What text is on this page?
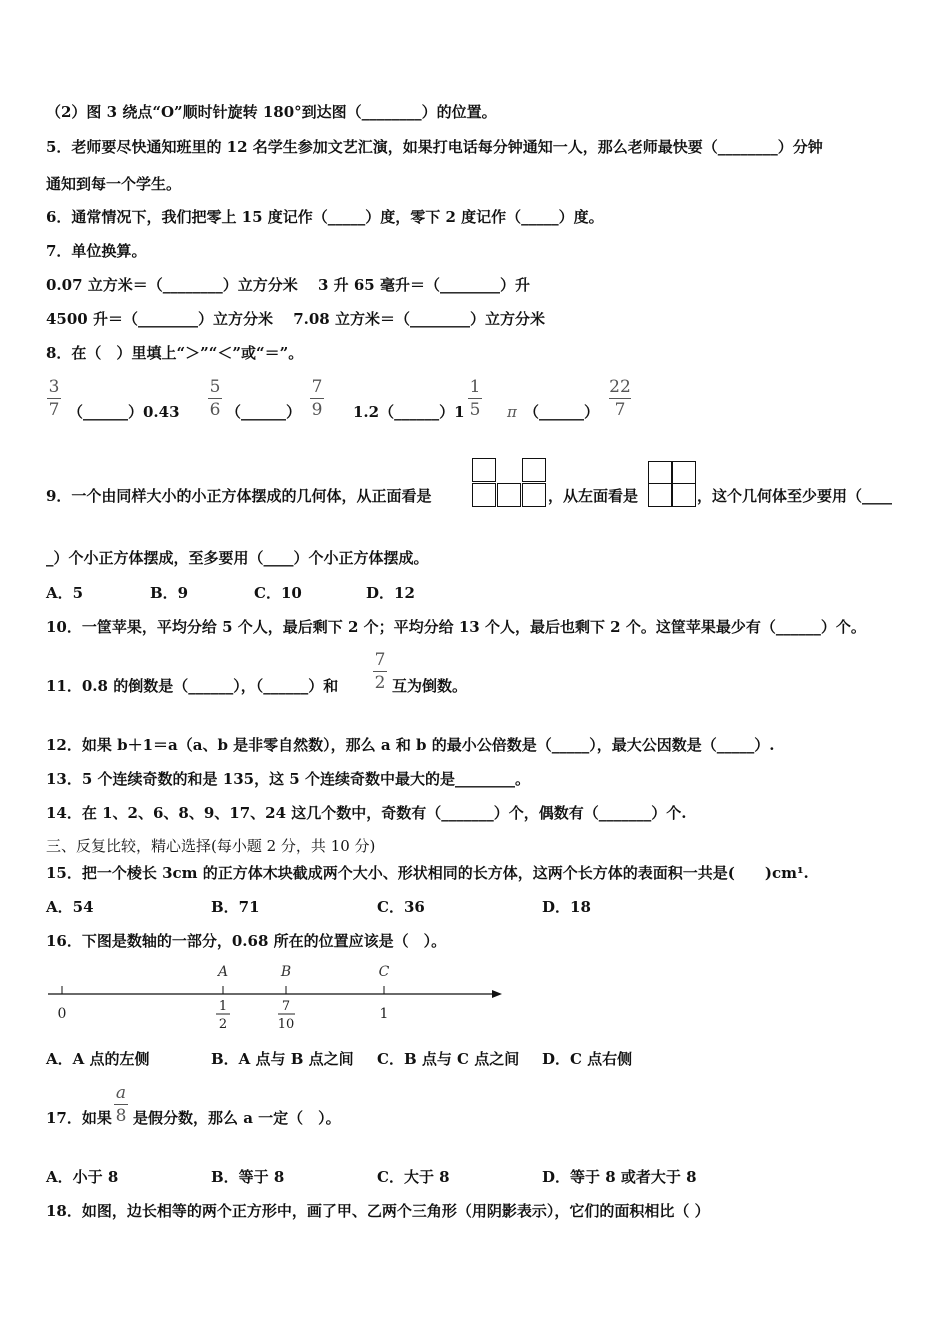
（2）图 3 绕点“O”顺时针旋转 180°到达图（________）的位置。
5．老师要尽快通知班里的 12 名学生参加文艺汇演，如果打电话每分钟通知一人，那么老师最快要（________）分钟
通知到每一个学生。
6．通常情况下，我们把零上 15 度记作（_____）度，零下 2 度记作（_____）度。
7．单位换算。
0.07 立方米＝（________）立方分米　 3 升 65 毫升＝（________）升
4500 升＝（________）立方分米　 7.08 立方米＝（________）立方分米
8．在（　）里填上“＞”“＜”或“＝”。
3
7 （______）0.43
5
6 （______）
7
9 1.2（______）1
1
5 π （______）
22
7
9．一个由同样大小的小正方体摆成的几何体，从正面看是	，从左面看是	，这个几何体至少要用（____
_）个小正方体摆成，至多要用（____）个小正方体摆成。
A．5	B．9	C．10	D．12
10．一筐苹果，平均分给 5 个人，最后剩下 2 个；平均分给 13 个人，最后也剩下 2 个。这筐苹果最少有（______）个。
11．0.8 的倒数是（______），（______）和
7
2 互为倒数。
12．如果 b＋1＝a（a、b 是非零自然数），那么 a 和 b 的最小公倍数是（_____），最大公因数是（_____）.
13．5 个连续奇数的和是 135，这 5 个连续奇数中最大的是________。
14．在 1、2、6、8、9、17、24 这几个数中，奇数有（_______）个，偶数有（_______）个.
三、反复比较，精心选择(每小题 2 分，共 10 分)
15．把一个棱长 3cm 的正方体木块截成两个大小、形状相同的长方体，这两个长方体的表面积一共是(　　)cm¹.
A．54	B．71	C．36	D．18
16．下图是数轴的一部分，0.68 所在的位置应该是（　）。
A	B	C
0	1
1
2
7
10
A．A 点的左侧	B．A 点与 B 点之间 C．B 点与 C 点之间 D．C 点右侧
17．如果
a
8 是假分数，那么 a 一定（　）。
A．小于 8	B．等于 8	C．大于 8	D．等于 8 或者大于 8
18．如图，边长相等的两个正方形中，画了甲、乙两个三角形（用阴影表示），它们的面积相比（ ）
